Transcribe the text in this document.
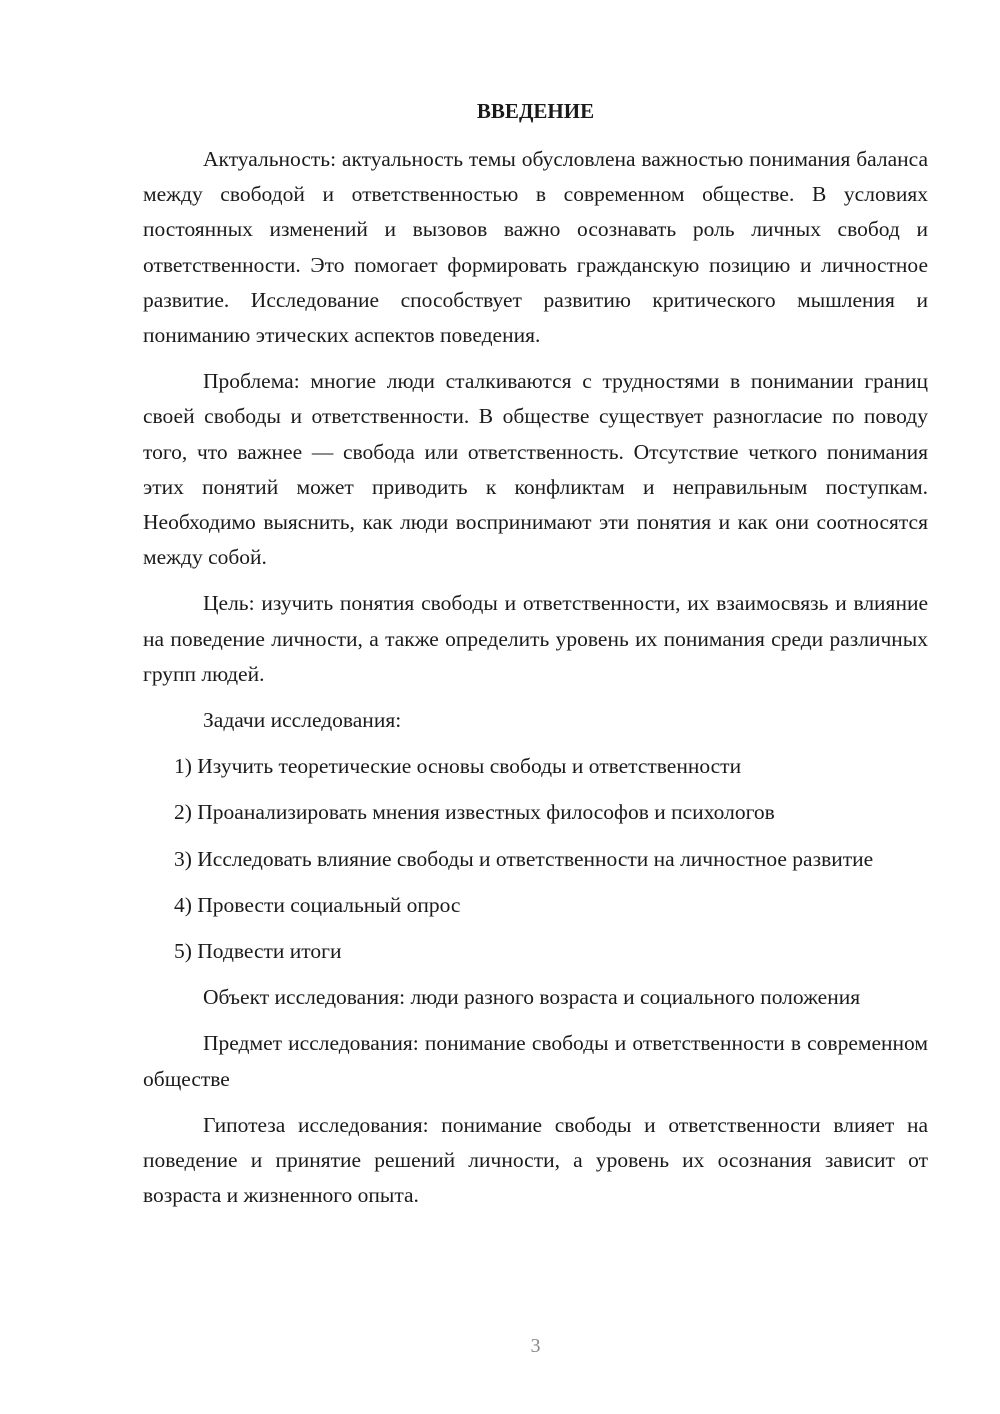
ВВЕДЕНИЕ

Актуальность: актуальность темы обусловлена важностью понимания баланса между свободой и ответственностью в современном обществе. В условиях постоянных изменений и вызовов важно осознавать роль личных свобод и ответственности. Это помогает формировать гражданскую позицию и личностное развитие. Исследование способствует развитию критического мышления и пониманию этических аспектов поведения.

Проблема: многие люди сталкиваются с трудностями в понимании границ своей свободы и ответственности. В обществе существует разногласие по поводу того, что важнее — свобода или ответственность. Отсутствие четкого понимания этих понятий может приводить к конфликтам и неправильным поступкам. Необходимо выяснить, как люди воспринимают эти понятия и как они соотносятся между собой.

Цель: изучить понятия свободы и ответственности, их взаимосвязь и влияние на поведение личности, а также определить уровень их понимания среди различных групп людей.

Задачи исследования:

1) Изучить теоретические основы свободы и ответственности

2) Проанализировать мнения известных философов и психологов

3) Исследовать влияние свободы и ответственности на личностное развитие

4) Провести социальный опрос

5) Подвести итоги

Объект исследования: люди разного возраста и социального положения

Предмет исследования: понимание свободы и ответственности в современном обществе

Гипотеза исследования: понимание свободы и ответственности влияет на поведение и принятие решений личности, а уровень их осознания зависит от возраста и жизненного опыта.

3
